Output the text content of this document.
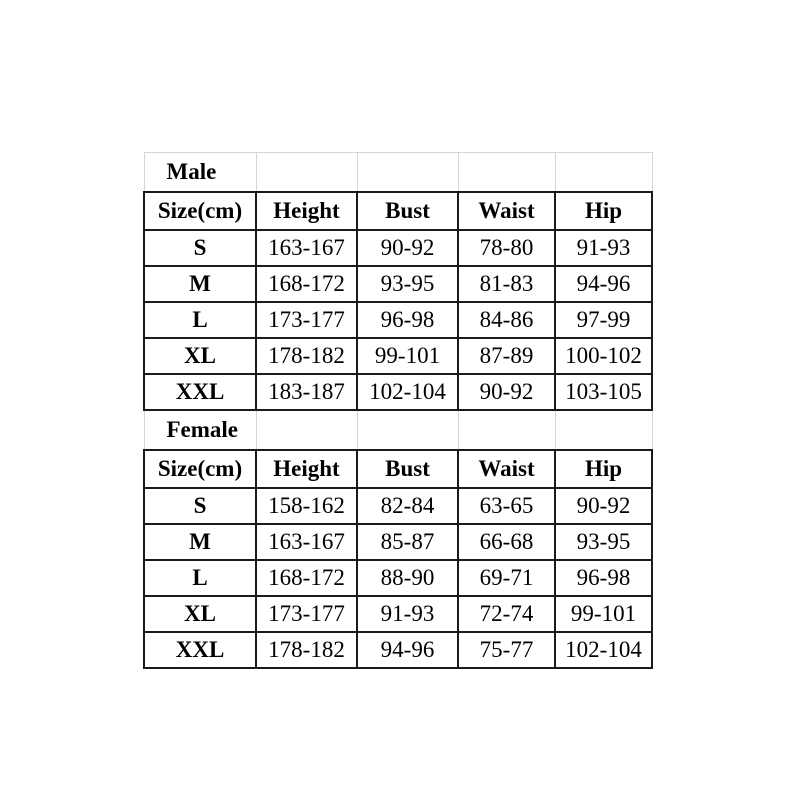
Male				
Size(cm)	Height	Bust	Waist	Hip
S	163-167	90-92	78-80	91-93
M	168-172	93-95	81-83	94-96
L	173-177	96-98	84-86	97-99
XL	178-182	99-101	87-89	100-102
XXL	183-187	102-104	90-92	103-105
Female				
Size(cm)	Height	Bust	Waist	Hip
S	158-162	82-84	63-65	90-92
M	163-167	85-87	66-68	93-95
L	168-172	88-90	69-71	96-98
XL	173-177	91-93	72-74	99-101
XXL	178-182	94-96	75-77	102-104
